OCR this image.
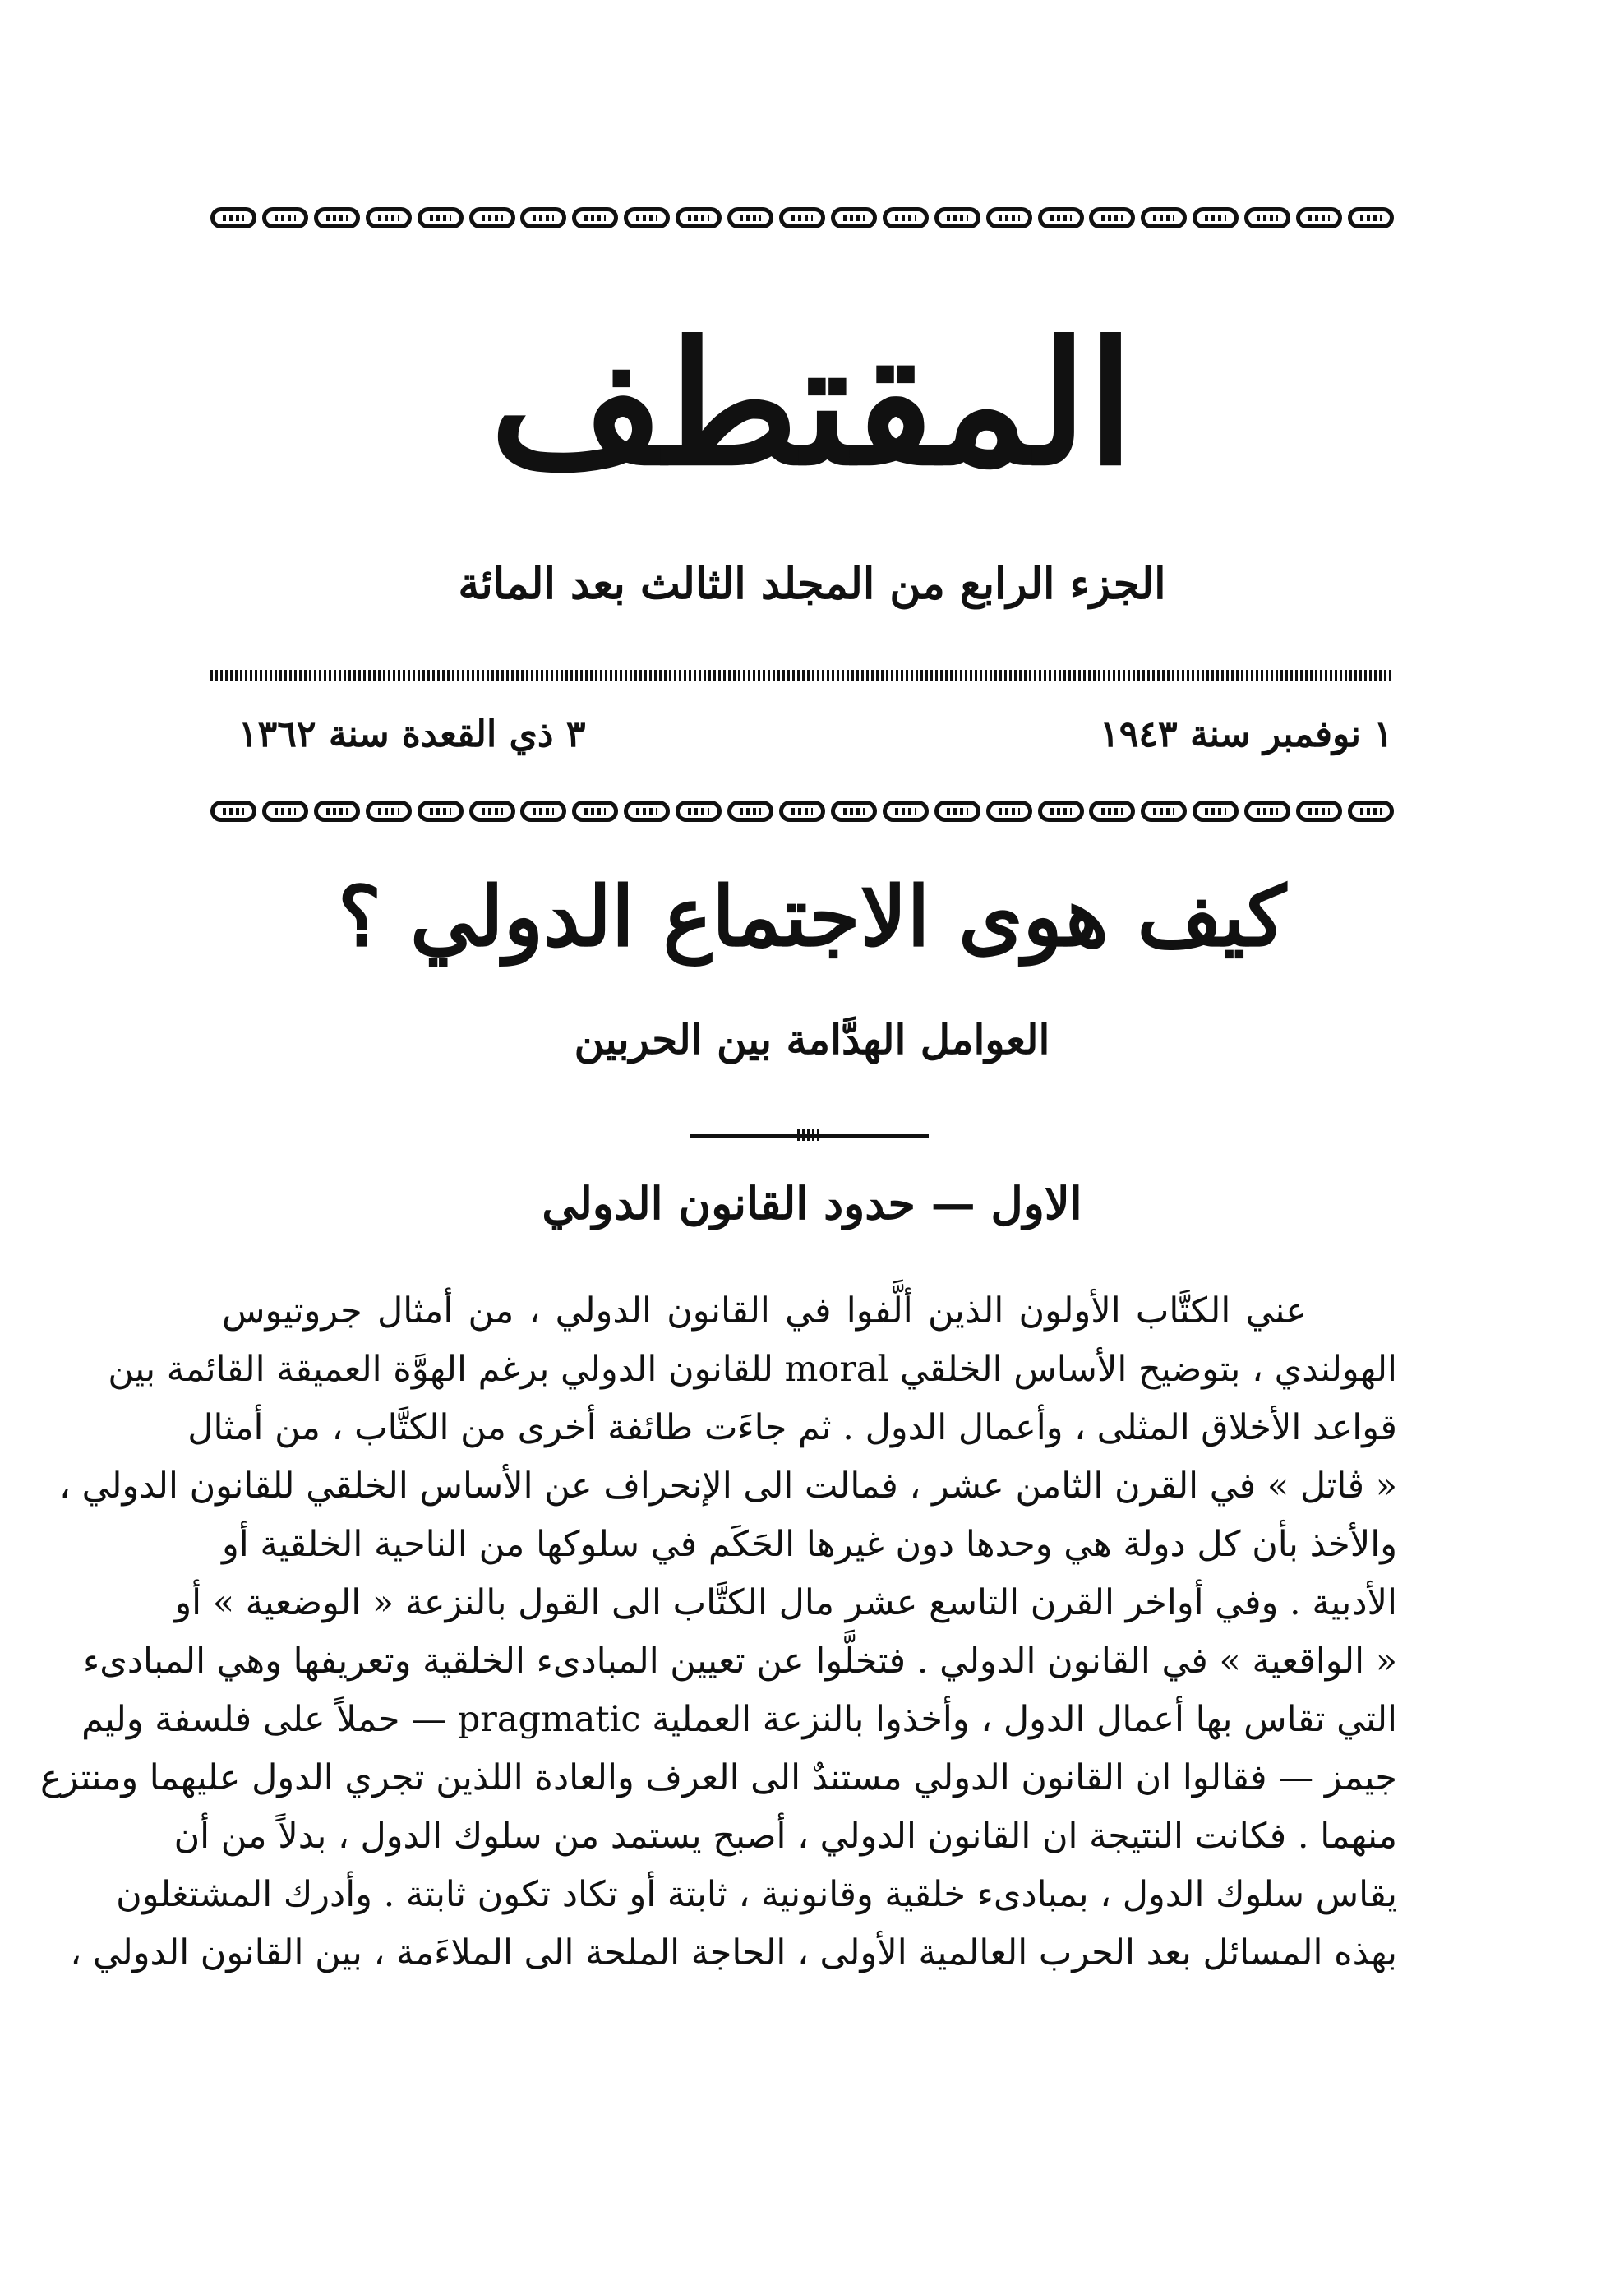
المقتطف
الجزء الرابع من المجلد الثالث بعد المائة
١ نوفمبر سنة ١٩٤٣
٣ ذي القعدة سنة ١٣٦٢
كيف هوى الاجتماع الدولي ؟
العوامل الهدَّامة بين الحربين
الاول — حدود القانون الدولي
عني الكتَّاب الأولون الذين ألَّفوا في القانون الدولي ، من أمثال جروتيوس
الهولندي ، بتوضيح الأساس الخلقي moral للقانون الدولي برغم الهوَّة العميقة القائمة بين
قواعد الأخلاق المثلى ، وأعمال الدول . ثم جاءَت طائفة أخرى من الكتَّاب ، من أمثال
« ڤاتل » في القرن الثامن عشر ، فمالت الى الإنحراف عن الأساس الخلقي للقانون الدولي ،
والأخذ بأن كل دولة هي وحدها دون غيرها الحَكَم في سلوكها من الناحية الخلقية أو
الأدبية . وفي أواخر القرن التاسع عشر مال الكتَّاب الى القول بالنزعة « الوضعية » أو
« الواقعية » في القانون الدولي . فتخلَّوا عن تعيين المبادىء الخلقية وتعريفها وهي المبادىء
التي تقاس بها أعمال الدول ، وأخذوا بالنزعة العملية pragmatic — حملاً على فلسفة وليم
جيمز — فقالوا ان القانون الدولي مستندٌ الى العرف والعادة اللذين تجري الدول عليهما ومنتزع
منهما . فكانت النتيجة ان القانون الدولي ، أصبح يستمد من سلوك الدول ، بدلاً من أن
يقاس سلوك الدول ، بمبادىء خلقية وقانونية ، ثابتة أو تكاد تكون ثابتة . وأدرك المشتغلون
بهذه المسائل بعد الحرب العالمية الأولى ، الحاجة الملحة الى الملاءَمة ، بين القانون الدولي ،
